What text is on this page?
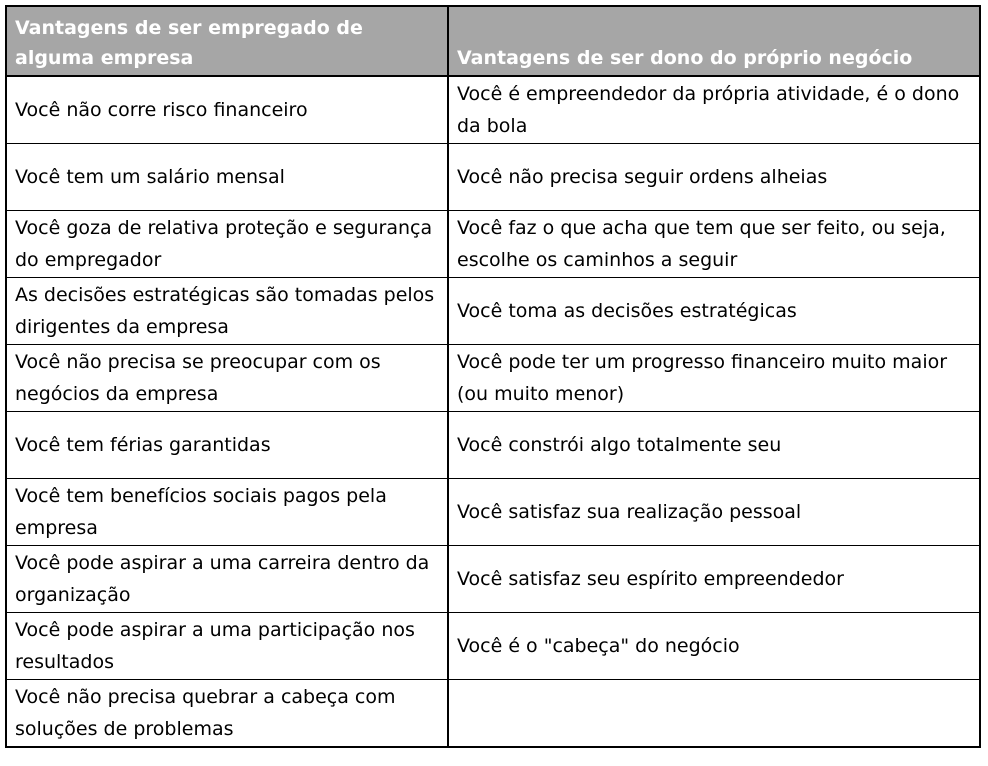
Vantagens de ser empregado de alguma empresa	Vantagens de ser dono do próprio negócio
Você não corre risco financeiro	Você é empreendedor da própria atividade, é o dono da bola
Você tem um salário mensal	Você não precisa seguir ordens alheias
Você goza de relativa proteção e segurança do empregador	Você faz o que acha que tem que ser feito, ou seja, escolhe os caminhos a seguir
As decisões estratégicas são tomadas pelos dirigentes da empresa	Você toma as decisões estratégicas
Você não precisa se preocupar com os negócios da empresa	Você pode ter um progresso financeiro muito maior (ou muito menor)
Você tem férias garantidas	Você constrói algo totalmente seu
Você tem benefícios sociais pagos pela empresa	Você satisfaz sua realização pessoal
Você pode aspirar a uma carreira dentro da organização	Você satisfaz seu espírito empreendedor
Você pode aspirar a uma participação nos resultados	Você é o "cabeça" do negócio
Você não precisa quebrar a cabeça com soluções de problemas	
